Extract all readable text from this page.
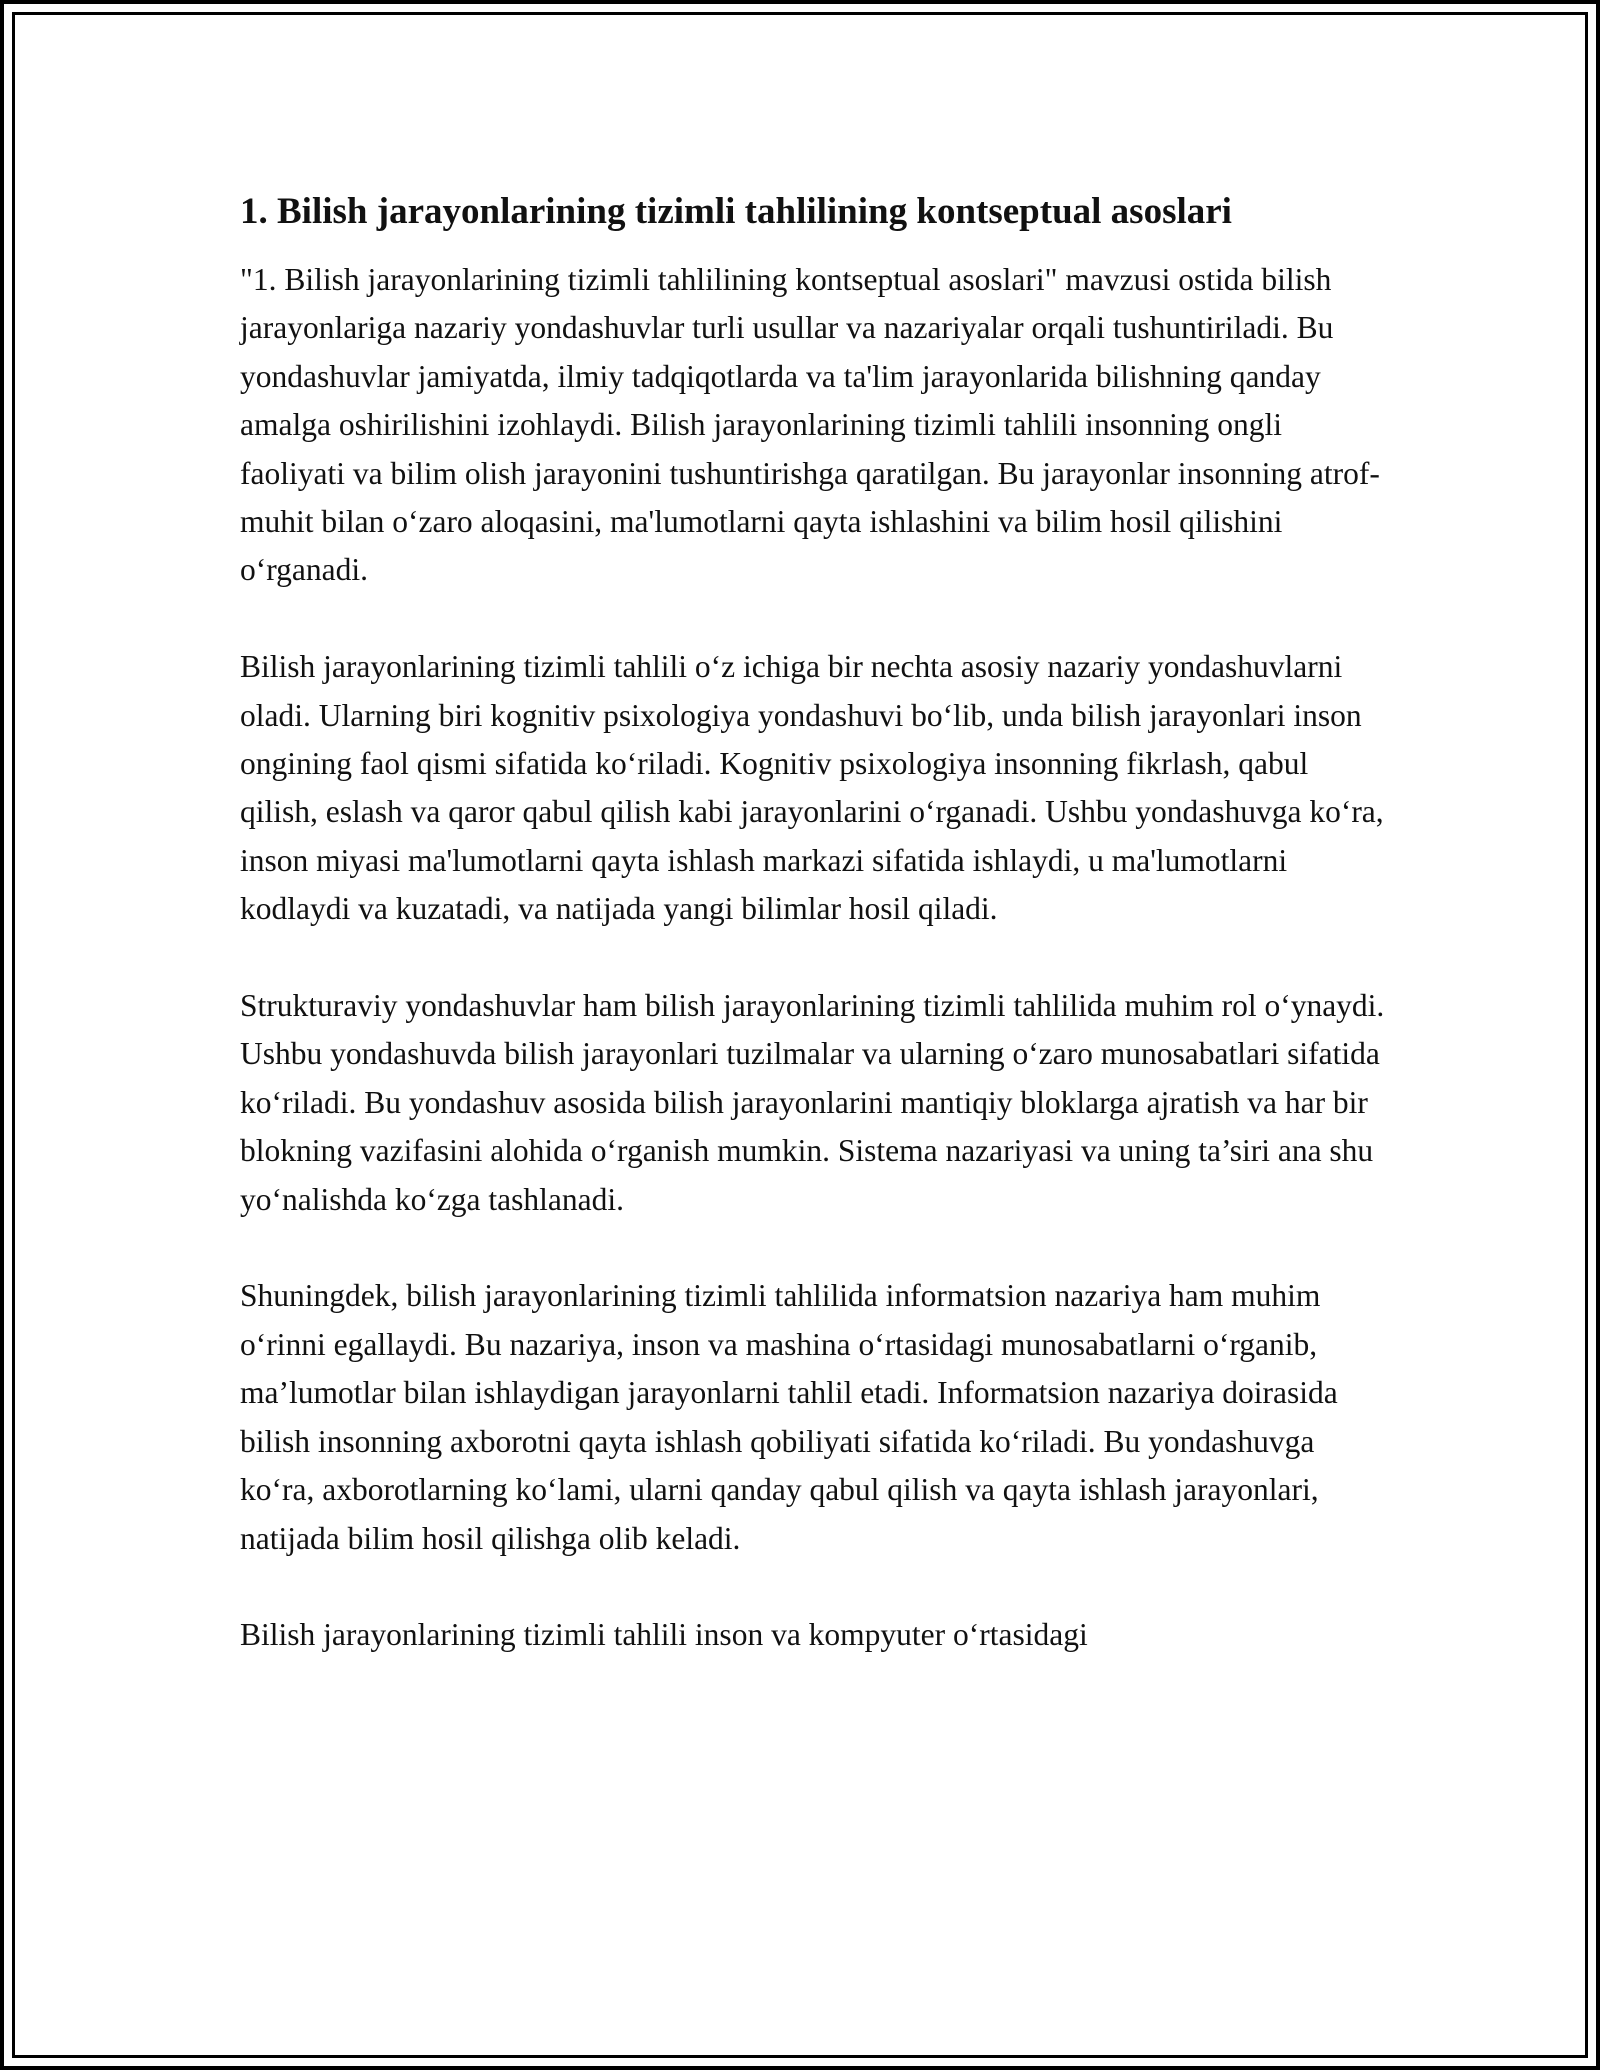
1. Bilish jarayonlarining tizimli tahlilining kontseptual asoslari

"1. Bilish jarayonlarining tizimli tahlilining kontseptual asoslari" mavzusi ostida bilish jarayonlariga nazariy yondashuvlar turli usullar va nazariyalar orqali tushuntiriladi. Bu yondashuvlar jamiyatda, ilmiy tadqiqotlarda va ta'lim jarayonlarida bilishning qanday amalga oshirilishini izohlaydi. Bilish jarayonlarining tizimli tahlili insonning ongli faoliyati va bilim olish jarayonini tushuntirishga qaratilgan. Bu jarayonlar insonning atrof-muhit bilan o‘zaro aloqasini, ma'lumotlarni qayta ishlashini va bilim hosil qilishini o‘rganadi.

Bilish jarayonlarining tizimli tahlili o‘z ichiga bir nechta asosiy nazariy yondashuvlarni oladi. Ularning biri kognitiv psixologiya yondashuvi bo‘lib, unda bilish jarayonlari inson ongining faol qismi sifatida ko‘riladi. Kognitiv psixologiya insonning fikrlash, qabul qilish, eslash va qaror qabul qilish kabi jarayonlarini o‘rganadi. Ushbu yondashuvga ko‘ra, inson miyasi ma'lumotlarni qayta ishlash markazi sifatida ishlaydi, u ma'lumotlarni kodlaydi va kuzatadi, va natijada yangi bilimlar hosil qiladi.

Strukturaviy yondashuvlar ham bilish jarayonlarining tizimli tahlilida muhim rol o‘ynaydi. Ushbu yondashuvda bilish jarayonlari tuzilmalar va ularning o‘zaro munosabatlari sifatida ko‘riladi. Bu yondashuv asosida bilish jarayonlarini mantiqiy bloklarga ajratish va har bir blokning vazifasini alohida o‘rganish mumkin. Sistema nazariyasi va uning ta’siri ana shu yo‘nalishda ko‘zga tashlanadi.

Shuningdek, bilish jarayonlarining tizimli tahlilida informatsion nazariya ham muhim o‘rinni egallaydi. Bu nazariya, inson va mashina o‘rtasidagi munosabatlarni o‘rganib, ma’lumotlar bilan ishlaydigan jarayonlarni tahlil etadi. Informatsion nazariya doirasida bilish insonning axborotni qayta ishlash qobiliyati sifatida ko‘riladi. Bu yondashuvga ko‘ra, axborotlarning ko‘lami, ularni qanday qabul qilish va qayta ishlash jarayonlari, natijada bilim hosil qilishga olib keladi.

Bilish jarayonlarining tizimli tahlili inson va kompyuter o‘rtasidagi
